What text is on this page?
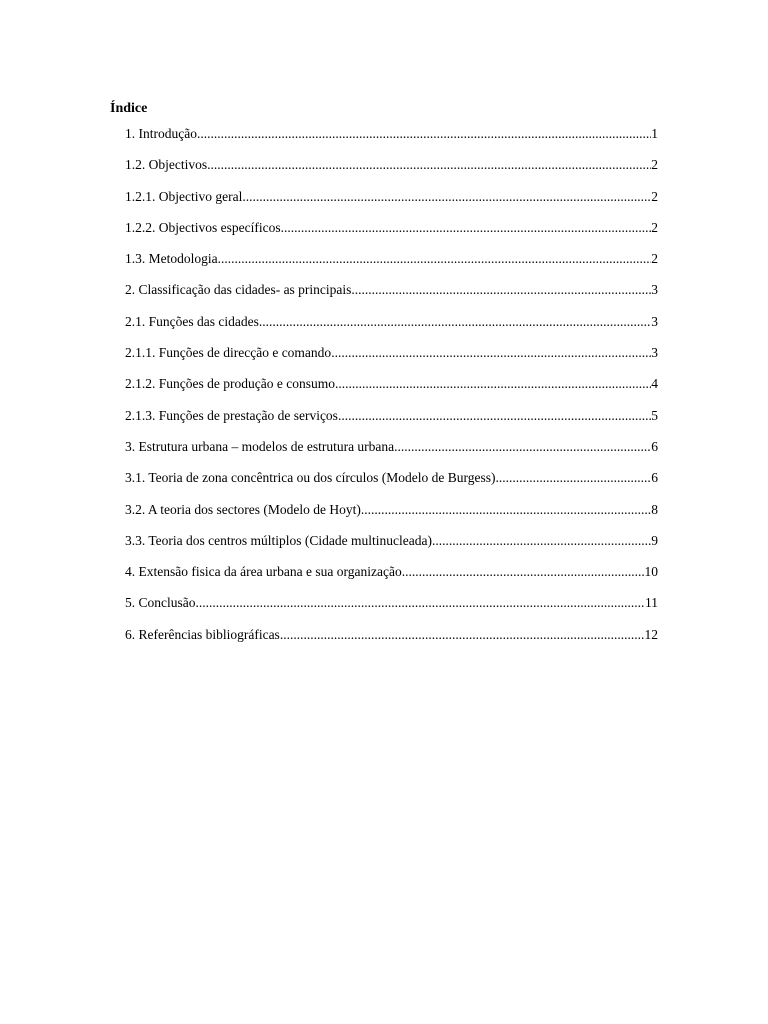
Índice
1. Introdução .....	1
1.2. Objectivos .....	2
1.2.1. Objectivo geral .....	2
1.2.2. Objectivos específicos .....	2
1.3. Metodologia .....	2
2. Classificação das cidades- as principais .....	3
2.1. Funções das cidades .....	3
2.1.1. Funções de direcção e comando .....	3
2.1.2. Funções de produção e consumo .....	4
2.1.3. Funções de prestação de serviços .....	5
3. Estrutura urbana – modelos de estrutura urbana .....	6
3.1. Teoria de zona concêntrica ou dos círculos (Modelo de Burgess) .....	6
3.2. A teoria dos sectores (Modelo de Hoyt) .....	8
3.3. Teoria dos centros múltiplos (Cidade multinucleada) .....	9
4. Extensão fisica da área urbana e sua organização .....	10
5. Conclusão .....	11
6. Referências bibliográficas .....	12
